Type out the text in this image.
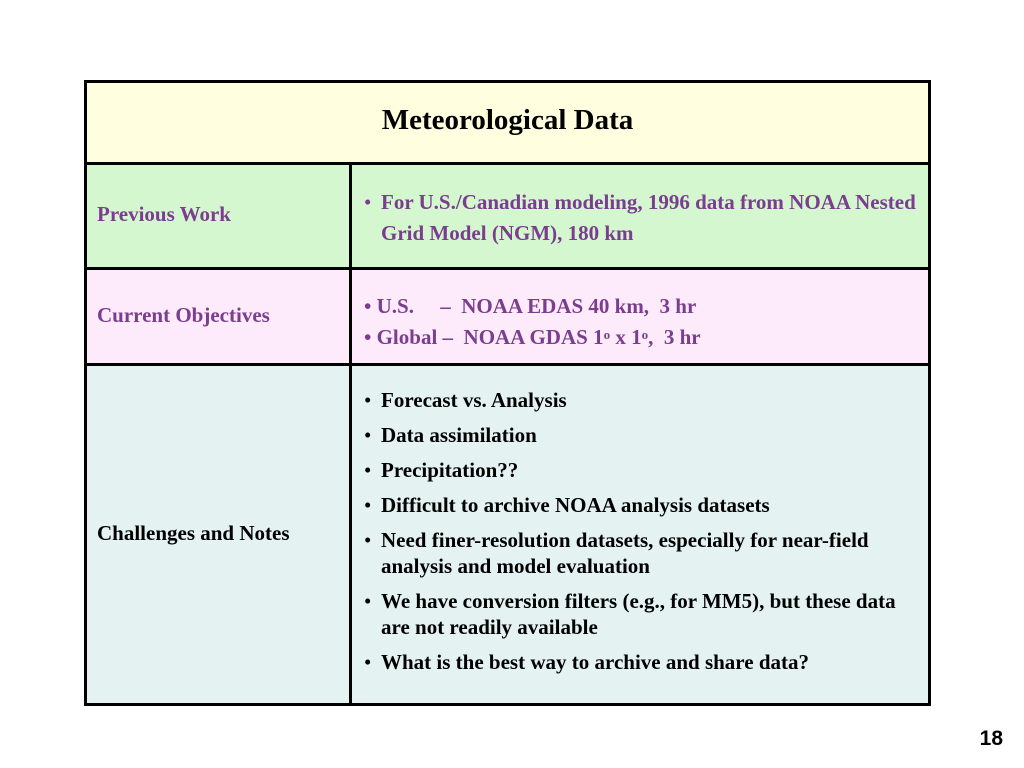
Meteorological Data
Previous Work
•	For U.S./Canadian modeling, 1996 data from NOAA Nested Grid Model (NGM), 180 km
Current Objectives	• U.S.     –  NOAA EDAS 40 km,  3 hr
• Global –  NOAA GDAS 1$^o$ x 1$^o$,  3 hr
Challenges and Notes
• Forecast vs. Analysis
• Data assimilation
• Precipitation??
• Difficult to archive NOAA analysis datasets
• Need finer-resolution datasets, especially for near-field analysis and model evaluation
• We have conversion filters (e.g., for MM5), but these data are not readily available
• What is the best way to archive and share data?
18
